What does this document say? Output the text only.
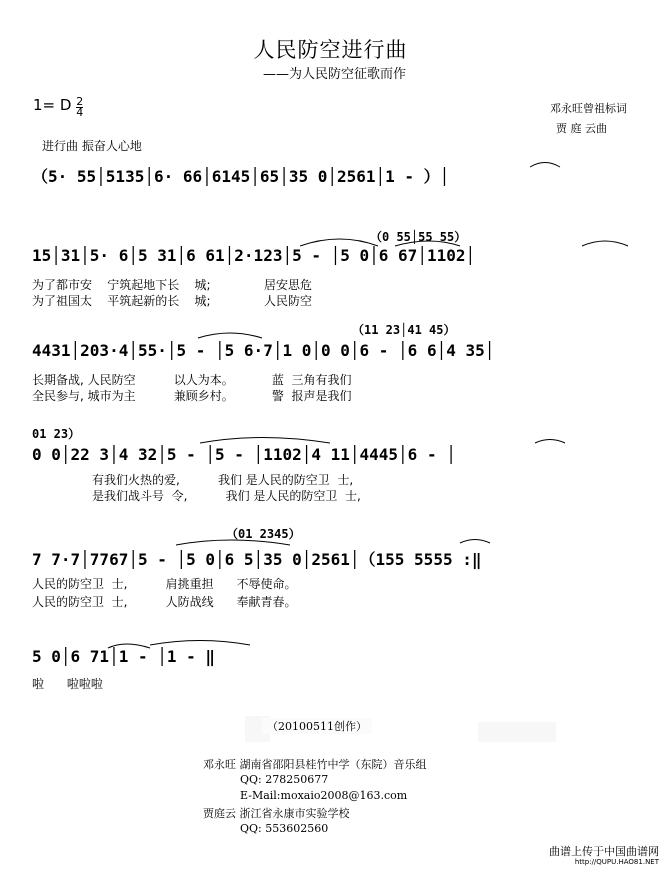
人民防空进行曲
——为人民防空征歌而作
1= D $\frac{2}{4}$	邓永旺曾祖标词
贾 庭 云曲
进行曲 振奋人心地
（5· 55│5135│6· 66│6145│65│35 0│2561│1 - ）│
（0 55│55 55）
15│31│5· 6│5 31│6 61│2·123│5 - │5 0│6 67│1102│
为了都市安    宁筑起地下长    城;              居安思危
为了祖国太    平筑起新的长    城;              人民防空
（11 23│41 45）
4431│203·4│55·│5 - │5 6·7│1 0│0 0│6 - │6 6│4 35│
长期备战, 人民防空          以人为本。          蓝  三角有我们
全民参与, 城市为主          兼顾乡村。          警  报声是我们
01 23）
0 0│22 3│4 32│5 - │5 - │1102│4 11│4445│6 - │
有我们火热的爱,          我们 是人民的防空卫  士,
是我们战斗号  令,          我们 是人民的防空卫  士,
（01 2345）
7 7·7│7767│5 - │5 0│6 5│35 0│2561│（155 5555 :‖
人民的防空卫  士,          肩挑重担      不辱使命。
人民的防空卫  士,          人防战线      奉献青春。
5 0│6 71│1 - │1 - ‖
啦      啦啦啦
（20100511创作）
邓永旺 湖南省邵阳县桂竹中学（东院）音乐组
QQ: 278250677
E-Mail:moxaio2008@163.com
贾庭云 浙江省永康市实验学校
QQ: 553602560
曲谱上传于中国曲谱网
http://QUPU.HAO81.NET
